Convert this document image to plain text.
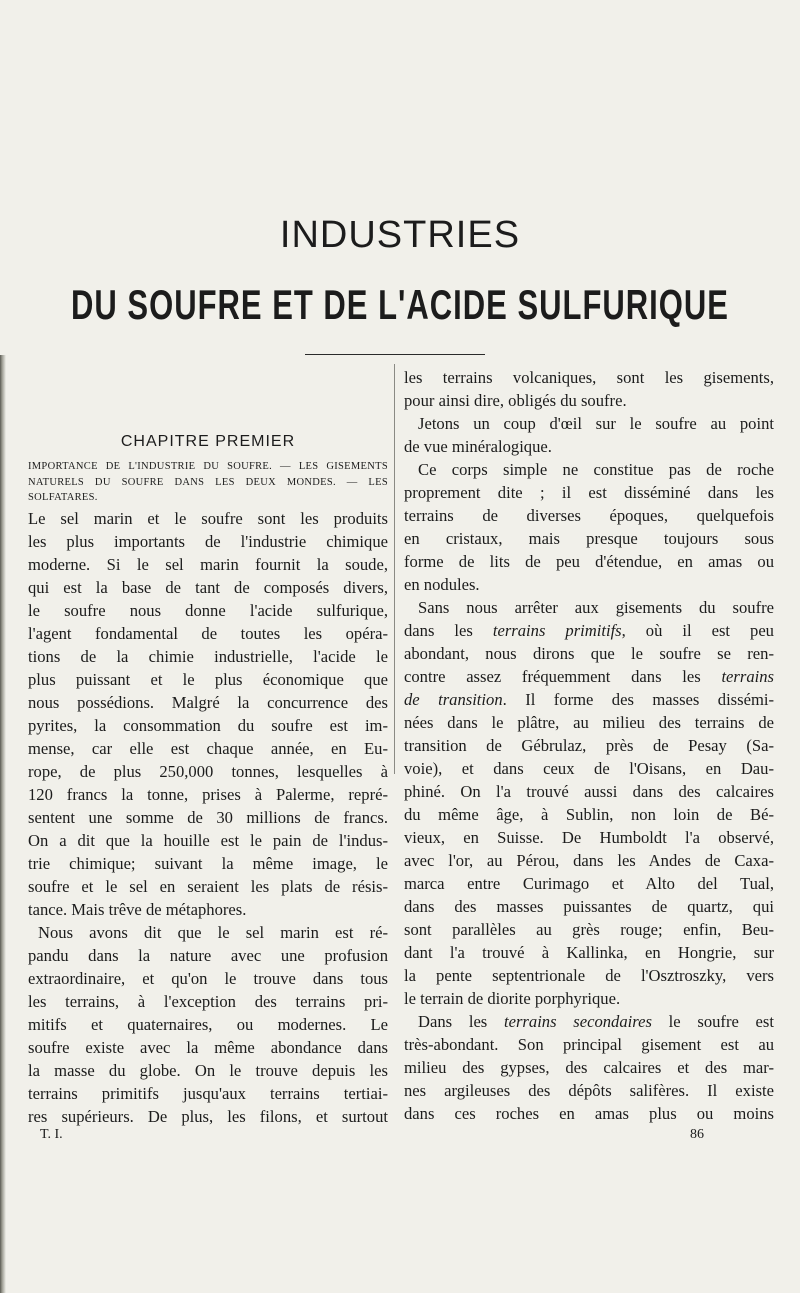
INDUSTRIES
DU SOUFRE ET DE L'ACIDE SULFURIQUE
CHAPITRE PREMIER
IMPORTANCE DE L'INDUSTRIE DU SOUFRE. — LES GISEMENTS NATURELS DU SOUFRE DANS LES DEUX MONDES. — LES SOLFATARES.
Le sel marin et le soufre sont les produits
les plus importants de l'industrie chimique
moderne. Si le sel marin fournit la soude,
qui est la base de tant de composés divers,
le soufre nous donne l'acide sulfurique,
l'agent fondamental de toutes les opéra-
tions de la chimie industrielle, l'acide le
plus puissant et le plus économique que
nous possédions. Malgré la concurrence des
pyrites, la consommation du soufre est im-
mense, car elle est chaque année, en Eu-
rope, de plus 250,000 tonnes, lesquelles à
120 francs la tonne, prises à Palerme, repré-
sentent une somme de 30 millions de francs.
On a dit que la houille est le pain de l'indus-
trie chimique; suivant la même image, le
soufre et le sel en seraient les plats de résis-
tance. Mais trêve de métaphores.
Nous avons dit que le sel marin est ré-
pandu dans la nature avec une profusion
extraordinaire, et qu'on le trouve dans tous
les terrains, à l'exception des terrains pri-
mitifs et quaternaires, ou modernes. Le
soufre existe avec la même abondance dans
la masse du globe. On le trouve depuis les
terrains primitifs jusqu'aux terrains tertiai-
res supérieurs. De plus, les filons, et surtout
les terrains volcaniques, sont les gisements,
pour ainsi dire, obligés du soufre.
Jetons un coup d'œil sur le soufre au point
de vue minéralogique.
Ce corps simple ne constitue pas de roche
proprement dite ; il est disséminé dans les
terrains de diverses époques, quelquefois
en cristaux, mais presque toujours sous
forme de lits de peu d'étendue, en amas ou
en nodules.
Sans nous arrêter aux gisements du soufre
dans les terrains primitifs, où il est peu
abondant, nous dirons que le soufre se ren-
contre assez fréquemment dans les terrains
de transition. Il forme des masses dissémi-
nées dans le plâtre, au milieu des terrains de
transition de Gébrulaz, près de Pesay (Sa-
voie), et dans ceux de l'Oisans, en Dau-
phiné. On l'a trouvé aussi dans des calcaires
du même âge, à Sublin, non loin de Bé-
vieux, en Suisse. De Humboldt l'a observé,
avec l'or, au Pérou, dans les Andes de Caxa-
marca entre Curimago et Alto del Tual,
dans des masses puissantes de quartz, qui
sont parallèles au grès rouge; enfin, Beu-
dant l'a trouvé à Kallinka, en Hongrie, sur
la pente septentrionale de l'Osztroszky, vers
le terrain de diorite porphyrique.
Dans les terrains secondaires le soufre est
très-abondant. Son principal gisement est au
milieu des gypses, des calcaires et des mar-
nes argileuses des dépôts salifères. Il existe
dans ces roches en amas plus ou moins
T. I.	86
